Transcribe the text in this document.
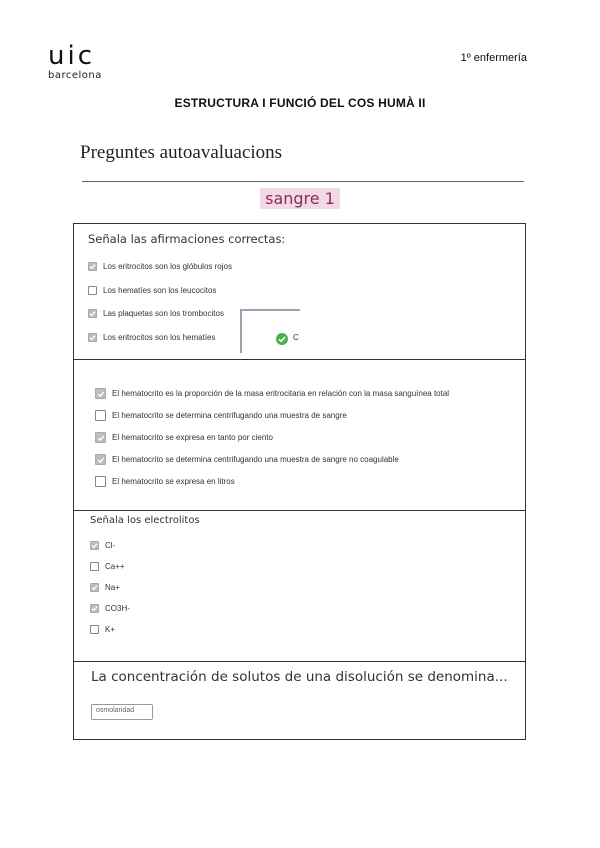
uic
barcelona
1º enfermería
ESTRUCTURA I FUNCIÓ DEL COS HUMÀ II
Preguntes autoavaluacions
sangre 1
Señala las afirmaciones correctas:
Los eritrocitos son los glóbulos rojos
Los hematíes son los leucocitos
Las plaquetas son los trombocitos
Los eritrocitos son los hematíes	C
El hematocrito es la proporción de la masa eritrocitaria en relación con la masa sanguínea total
El hematocrito se determina centrifugando una muestra de sangre
El hematocrito se expresa en tanto por ciento
El hematocrito se determina centrifugando una muestra de sangre no coagulable
El hematocrito se expresa en litros
Señala los electrolitos
Cl-
Ca++
Na+
CO3H-
K+
La concentración de solutos de una disolución se denomina...
osmolaridad
